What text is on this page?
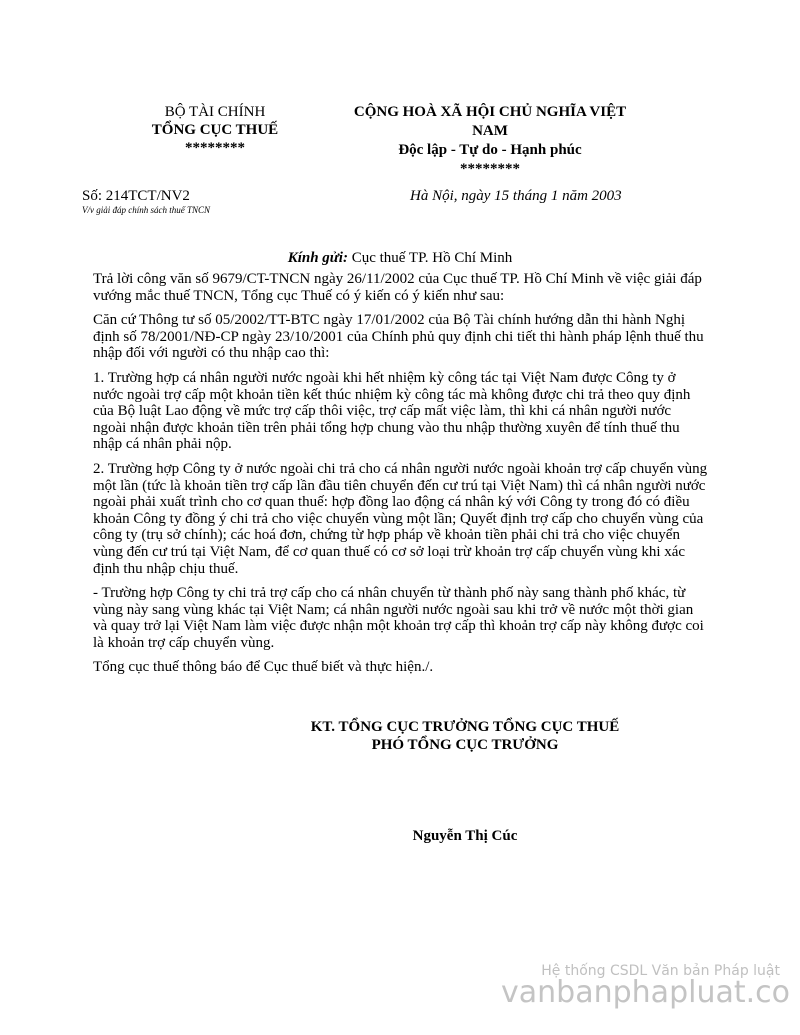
BỘ TÀI CHÍNH
TỔNG CỤC THUẾ
********
CỘNG HOÀ XÃ HỘI CHỦ NGHĨA VIỆT
NAM
Độc lập - Tự do - Hạnh phúc
********
Số: 214TCT/NV2
V/v giải đáp chính sách thuế TNCN
Hà Nội, ngày 15 tháng 1 năm 2003
Kính gửi: Cục thuế TP. Hồ Chí Minh

Trả lời công văn số 9679/CT-TNCN ngày 26/11/2002 của Cục thuế TP. Hồ Chí Minh về việc giải đáp vướng mắc thuế TNCN, Tổng cục Thuế có ý kiến có ý kiến như sau:

Căn cứ Thông tư số 05/2002/TT-BTC ngày 17/01/2002 của Bộ Tài chính hướng dẫn thi hành Nghị định số 78/2001/NĐ-CP ngày 23/10/2001 của Chính phủ quy định chi tiết thi hành pháp lệnh thuế thu nhập đối với người có thu nhập cao thì:

1. Trường hợp cá nhân người nước ngoài khi hết nhiệm kỳ công tác tại Việt Nam được Công ty ở nước ngoài trợ cấp một khoản tiền kết thúc nhiệm kỳ công tác mà không được chi trả theo quy định của Bộ luật Lao động về mức trợ cấp thôi việc, trợ cấp mất việc làm, thì khi cá nhân người nước ngoài nhận được khoản tiền trên phải tổng hợp chung vào thu nhập thường xuyên để tính thuế thu nhập cá nhân phải nộp.

2. Trường hợp Công ty ở nước ngoài chi trả cho cá nhân người nước ngoài khoản trợ cấp chuyển vùng một lần (tức là khoản tiền trợ cấp lần đầu tiên chuyển đến cư trú tại Việt Nam) thì cá nhân người nước ngoài phải xuất trình cho cơ quan thuế: hợp đồng lao động cá nhân ký với Công ty trong đó có điều khoản Công ty đồng ý chi trả cho việc chuyển vùng một lần; Quyết định trợ cấp cho chuyển vùng của công ty (trụ sở chính); các hoá đơn, chứng từ hợp pháp về khoản tiền phải chi trả cho việc chuyển vùng đến cư trú tại Việt Nam, để cơ quan thuế có cơ sở loại trừ khoản trợ cấp chuyển vùng khi xác định thu nhập chịu thuế.

- Trường hợp Công ty chi trả trợ cấp cho cá nhân chuyển từ thành phố này sang thành phố khác, từ vùng này sang vùng khác tại Việt Nam; cá nhân người nước ngoài sau khi trở về nước một thời gian và quay trở lại Việt Nam làm việc được nhận một khoản trợ cấp thì khoản trợ cấp này không được coi là khoản trợ cấp chuyển vùng.

Tổng cục thuế thông báo để Cục thuế biết và thực hiện./.

KT. TỔNG CỤC TRƯỞNG TỔNG CỤC THUẾ
PHÓ TỔNG CỤC TRƯỞNG
Nguyễn Thị Cúc
Hệ thống CSDL Văn bản Pháp luật
vanbanphapluat.co
